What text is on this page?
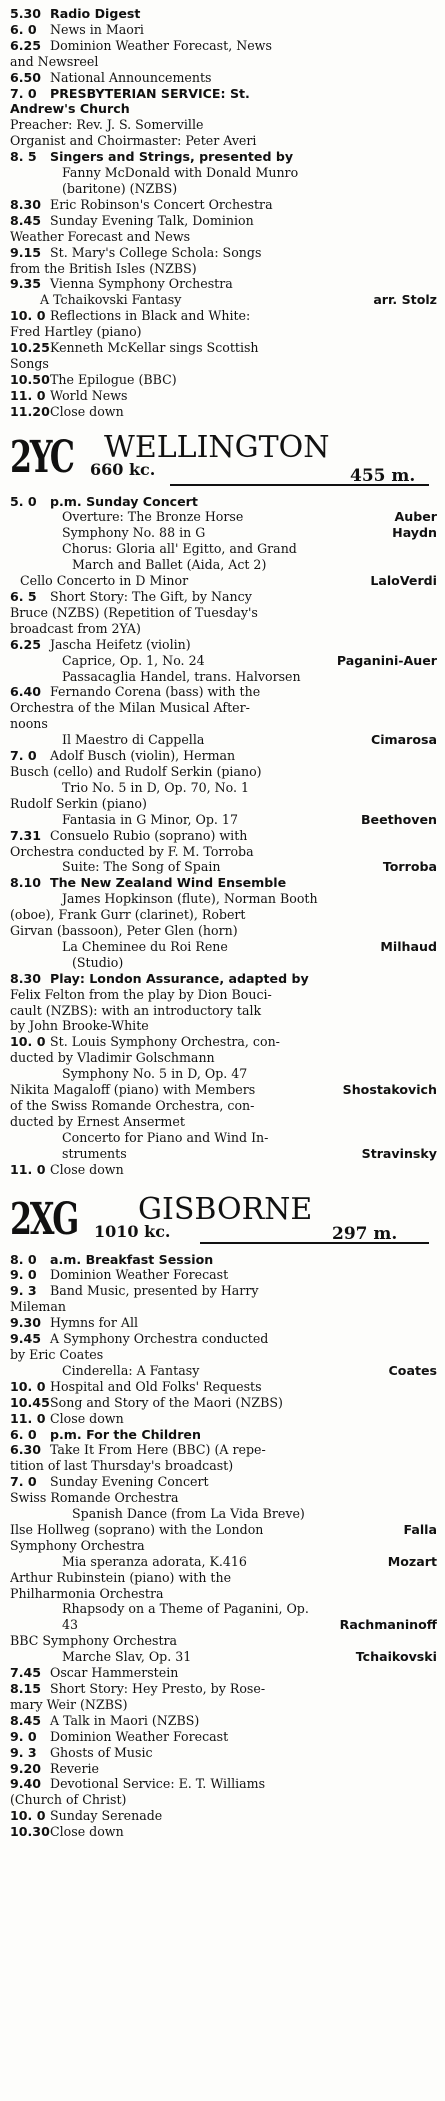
5.30 Radio Digest
6. 0 News in Maori
6.25 Dominion Weather Forecast, News
and Newsreel
6.50 National Announcements
7. 0 PRESBYTERIAN SERVICE: St.
Andrew's Church
Preacher: Rev. J. S. Somerville
Organist and Choirmaster: Peter Averi
8. 5 Singers and Strings, presented by
Fanny McDonald with Donald Munro
(baritone) (NZBS)
8.30 Eric Robinson's Concert Orchestra
8.45 Sunday Evening Talk, Dominion
Weather Forecast and News
9.15 St. Mary's College Schola: Songs
from the British Isles (NZBS)
9.35 Vienna Symphony Orchestra
arr. Stolz
A Tchaikovski Fantasy
10. 0 Reflections in Black and White:
Fred Hartley (piano)
10.25 Kenneth McKellar sings Scottish
Songs
10.50 The Epilogue (BBC)
11. 0 World News
11.20 Close down
2YC WELLINGTON
660 kc.	455 m.
5. 0 p.m. Sunday Concert
Auber
Overture: The Bronze Horse
Haydn
Symphony No. 88 in G
Chorus: Gloria all' Egitto, and Grand
March and Ballet (Aida, Act 2)
Verdi
Lalo
Cello Concerto in D Minor
6. 5 Short Story: The Gift, by Nancy
Bruce (NZBS) (Repetition of Tuesday's
broadcast from 2YA)
6.25 Jascha Heifetz (violin)
Paganini-Auer
Caprice, Op. 1, No. 24
Passacaglia Handel, trans. Halvorsen
6.40 Fernando Corena (bass) with the
Orchestra of the Milan Musical After-
noons
Cimarosa
Il Maestro di Cappella
7. 0 Adolf Busch (violin), Herman
Busch (cello) and Rudolf Serkin (piano)
Trio No. 5 in D, Op. 70, No. 1
Rudolf Serkin (piano)
Beethoven
Fantasia in G Minor, Op. 17
7.31 Consuelo Rubio (soprano) with
Orchestra conducted by F. M. Torroba
Torroba
Suite: The Song of Spain
8.10 The New Zealand Wind Ensemble
James Hopkinson (flute), Norman Booth
(oboe), Frank Gurr (clarinet), Robert
Girvan (bassoon), Peter Glen (horn)
Milhaud
La Cheminee du Roi Rene
(Studio)
8.30 Play: London Assurance, adapted by
Felix Felton from the play by Dion Bouci-
cault (NZBS): with an introductory talk
by John Brooke-White
10. 0 St. Louis Symphony Orchestra, con-
ducted by Vladimir Golschmann
Symphony No. 5 in D, Op. 47
Shostakovich
Nikita Magaloff (piano) with Members
of the Swiss Romande Orchestra, con-
ducted by Ernest Ansermet
Concerto for Piano and Wind In-
Stravinsky
struments
11. 0 Close down
2XG GISBORNE
1010 kc.	297 m.
8. 0 a.m. Breakfast Session
9. 0 Dominion Weather Forecast
9. 3 Band Music, presented by Harry
Mileman
9.30 Hymns for All
9.45 A Symphony Orchestra conducted
by Eric Coates
Coates
Cinderella: A Fantasy
10. 0 Hospital and Old Folks' Requests
10.45 Song and Story of the Maori (NZBS)
11. 0 Close down
6. 0 p.m. For the Children
6.30 Take It From Here (BBC) (A repe-
tition of last Thursday's broadcast)
7. 0 Sunday Evening Concert
Swiss Romande Orchestra
Spanish Dance (from La Vida Breve)
Falla
Ilse Hollweg (soprano) with the London
Symphony Orchestra
Mozart
Mia speranza adorata, K.416
Arthur Rubinstein (piano) with the
Philharmonia Orchestra
Rhapsody on a Theme of Paganini, Op.
Rachmaninoff
43
BBC Symphony Orchestra
Tchaikovski
Marche Slav, Op. 31
7.45 Oscar Hammerstein
8.15 Short Story: Hey Presto, by Rose-
mary Weir (NZBS)
8.45 A Talk in Maori (NZBS)
9. 0 Dominion Weather Forecast
9. 3 Ghosts of Music
9.20 Reverie
9.40 Devotional Service: E. T. Williams
(Church of Christ)
10. 0 Sunday Serenade
10.30 Close down
